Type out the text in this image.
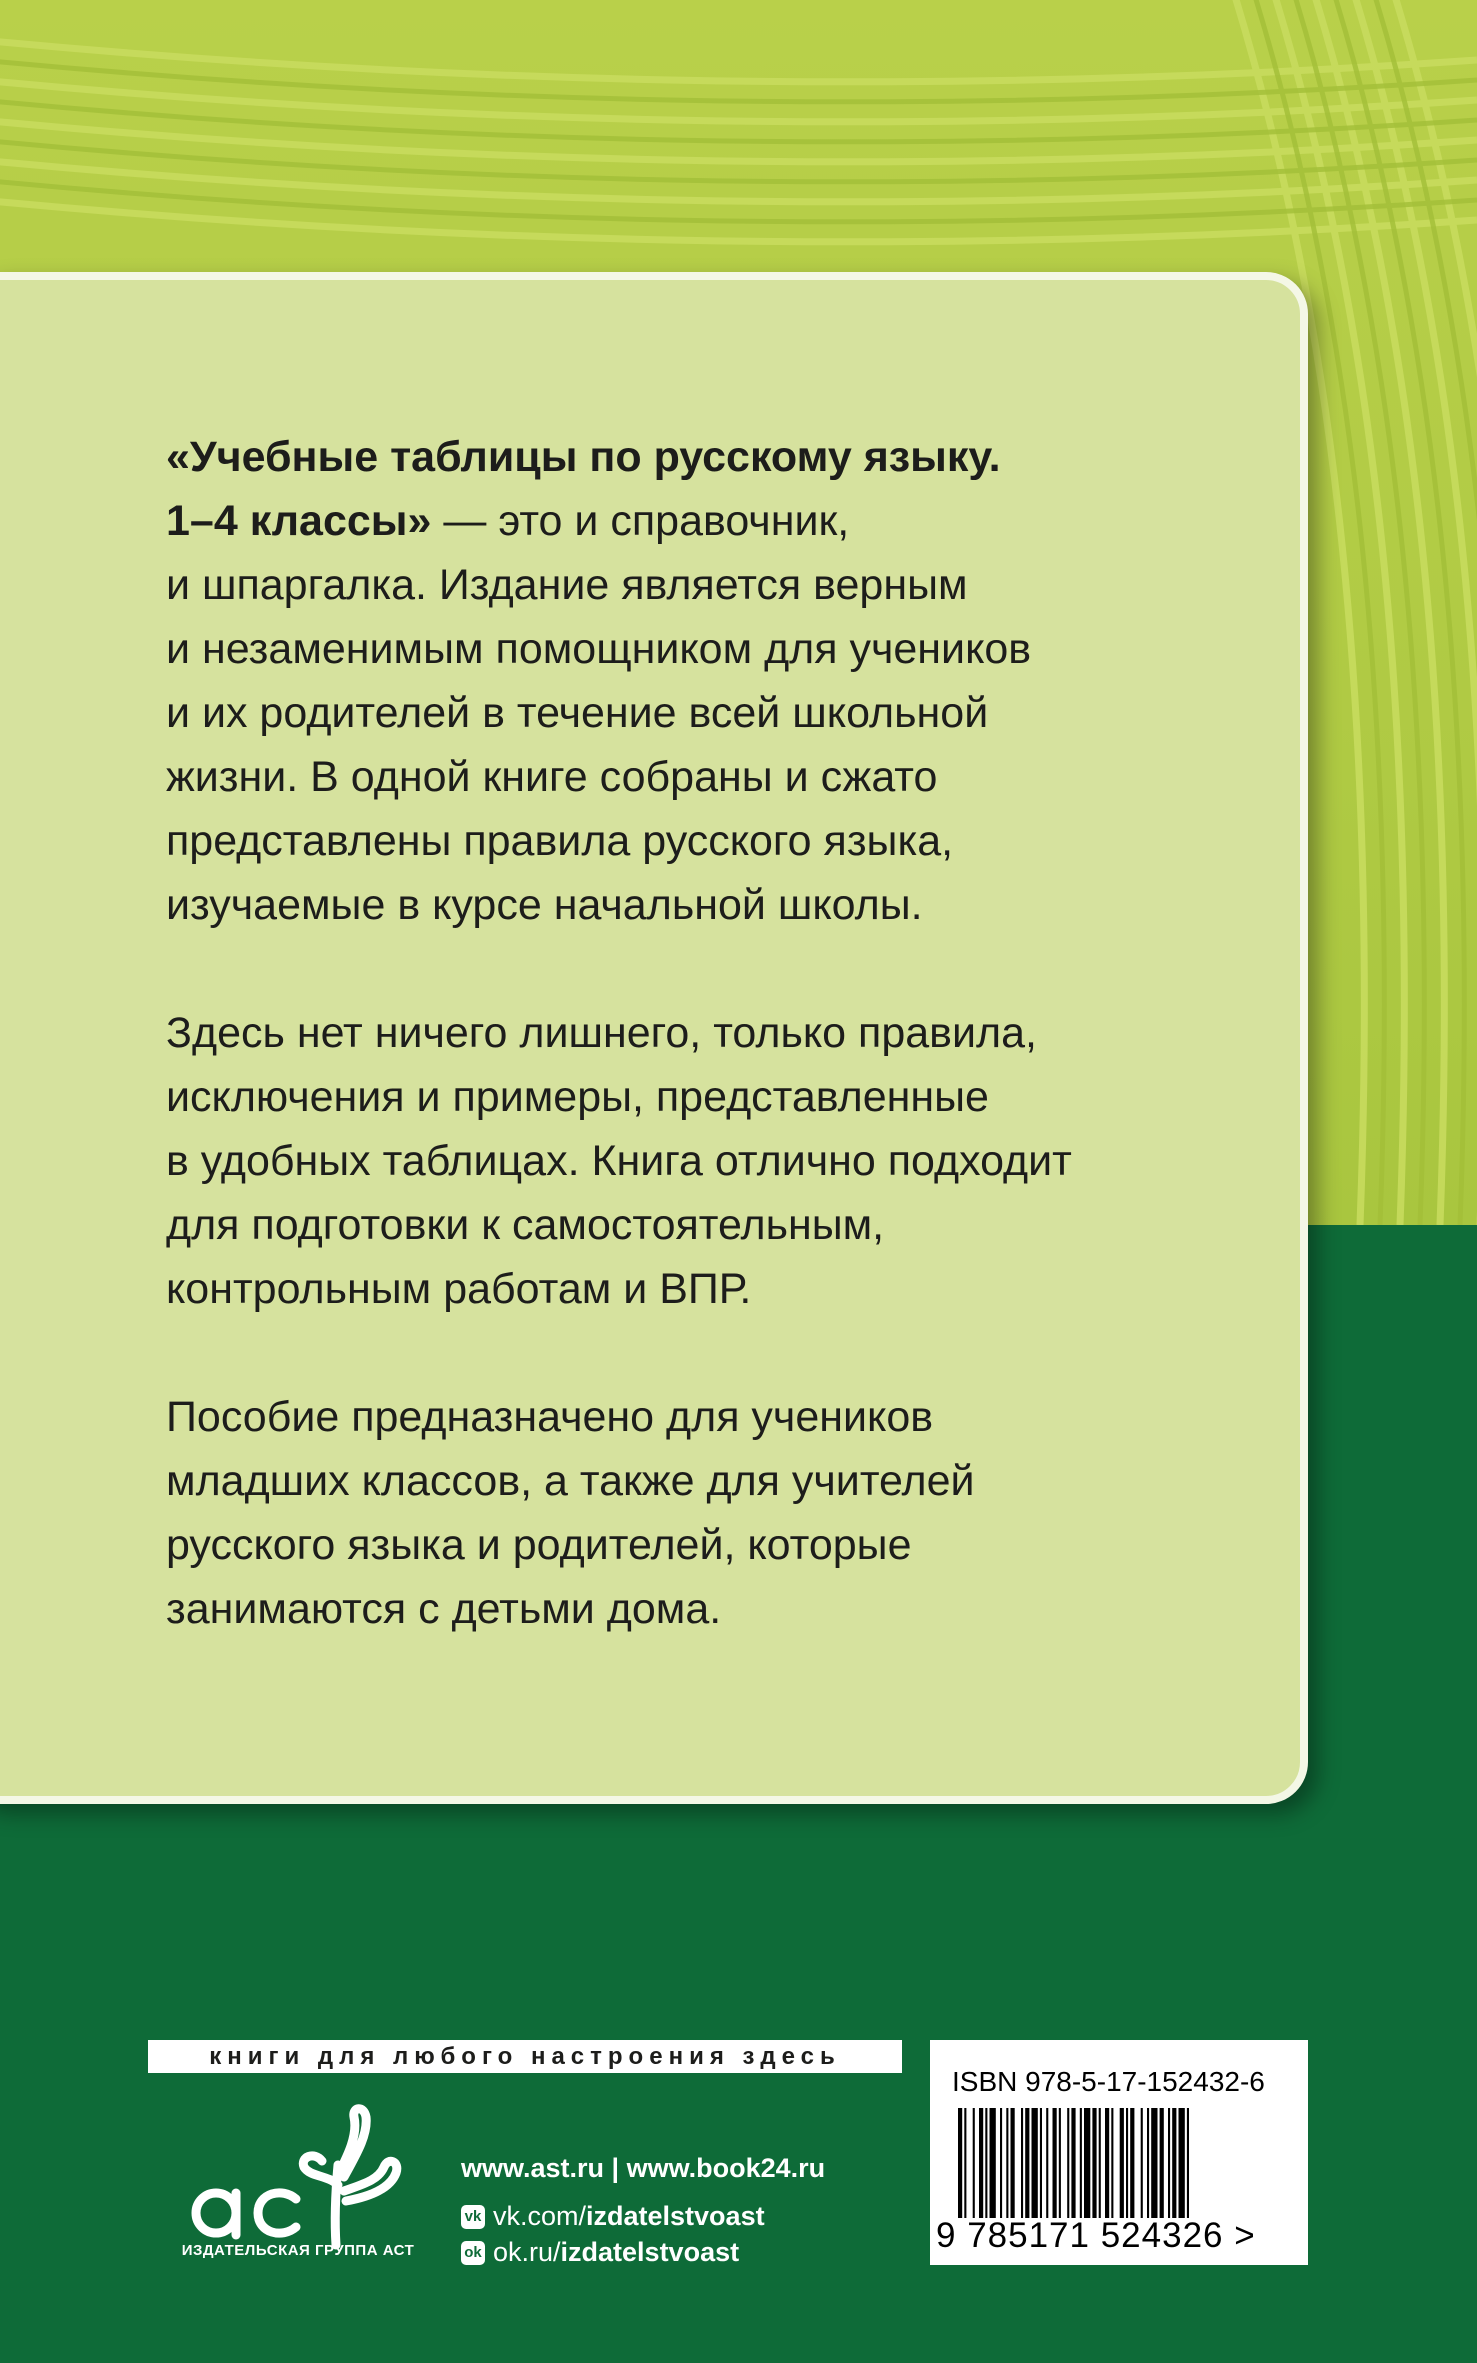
«Учебные таблицы по русскому языку.
1–4 классы» — это и справочник,
и шпаргалка. Издание является верным
и незаменимым помощником для учеников
и их родителей в течение всей школьной
жизни. В одной книге собраны и сжато
представлены правила русского языка,
изучаемые в курсе начальной школы.

Здесь нет ничего лишнего, только правила,
исключения и примеры, представленные
в удобных таблицах. Книга отлично подходит
для подготовки к самостоятельным,
контрольным работам и ВПР.

Пособие предназначено для учеников
младших классов, а также для учителей
русского языка и родителей, которые
занимаются с детьми дома.

книги для любого настроения здесь
ИЗДАТЕЛЬСКАЯ ГРУППА АСТ
www.ast.ru | www.book24.ru
vk vk.com/ izdatelstvoast
ok ok.ru/ izdatelstvoast
ISBN 978-5-17-152432-6
9 785171 524326 >
